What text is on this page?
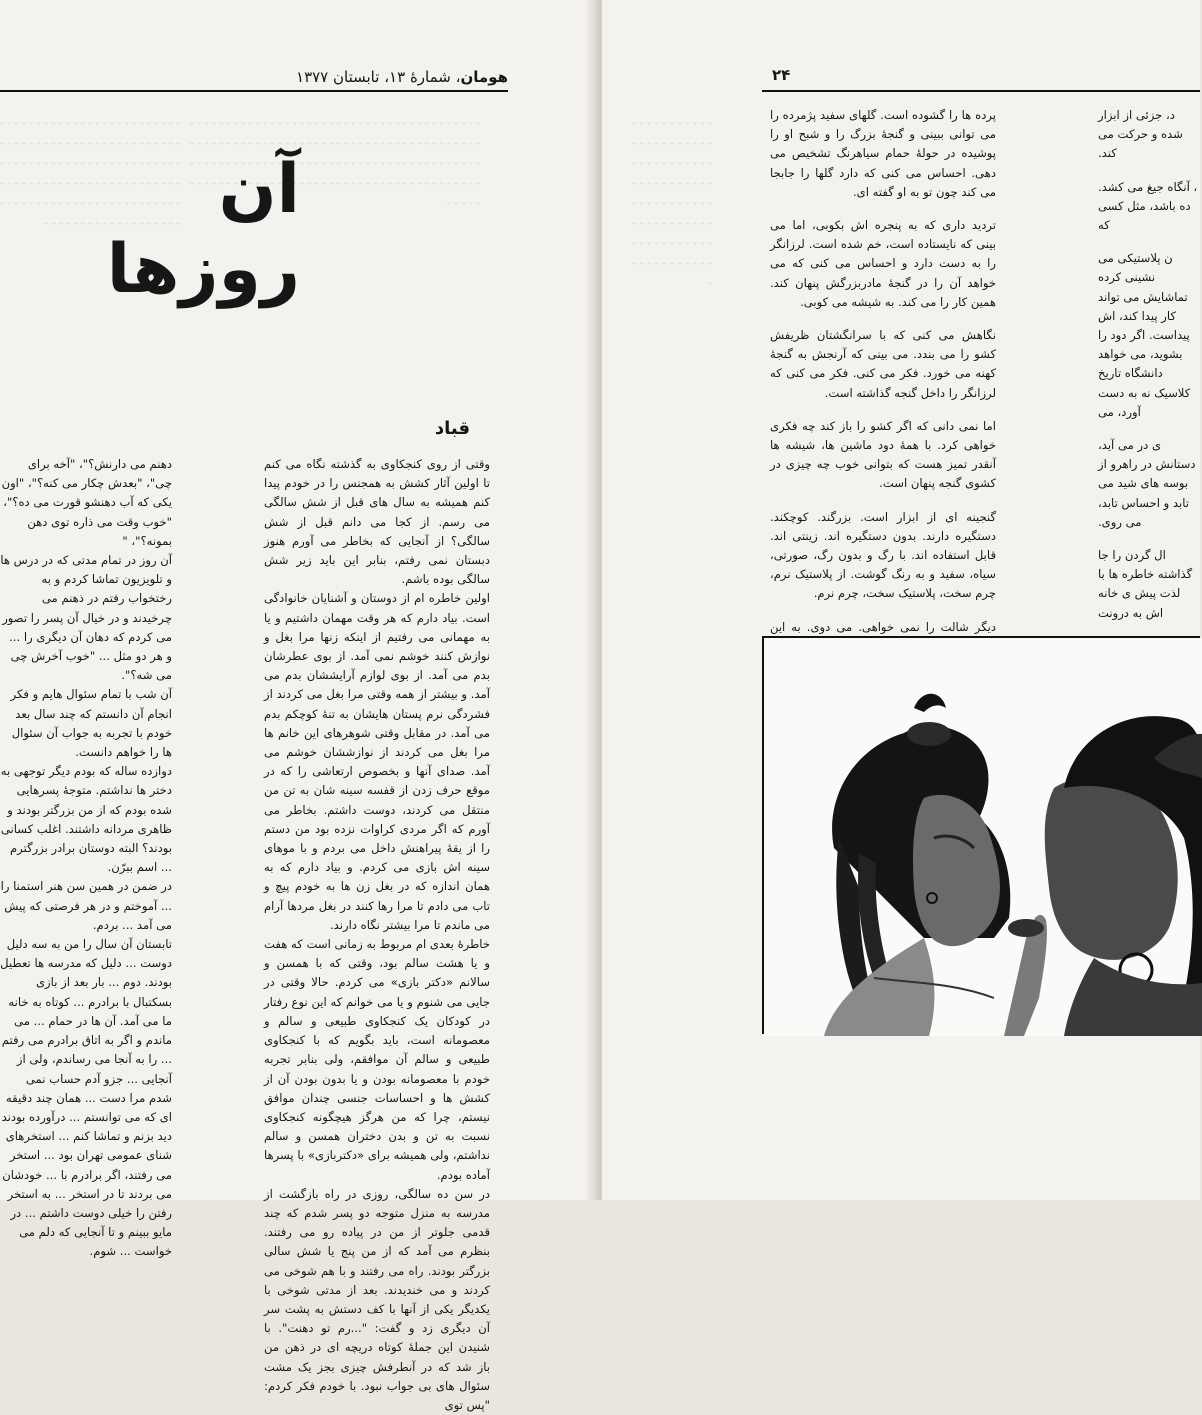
ـ ـ ـ ـ ـ ـ ـ ـ ـ ـ ـ ـ ـ ـ ـ ـ ـ ـ ـ ـ ـ ـ ـ ـ ـ ـ ـ ـ ـ ـ ـ ـ ـ ـ ـ ـ ـ ـ ـ ـ ـ ـ ـ ـ ـ ـ ـ ـ ـ ـ ـ ـ ـ ـ ـ ـ ـ ـ ـ ـ ـ ـ ـ ـ ـ ـ ـ ـ ـ ـ ـ ـ ـ ـ ـ ـ ـ ـ ـ ـ ـ ـ ـ ـ ـ ـ ـ ـ ـ ـ ـ ـ ـ ـ ـ ـ ـ ـ ـ ـ ـ ـ ـ ـ ـ ـ ـ ـ ـ ـ ـ ـ ـ ـ ـ ـ ـ ـ ـ ـ ـ ـ ـ ـ ـ ـ ـ ـ ـ ـ ـ ـ ـ ـ ـ ـ ـ ـ ـ ـ ـ ـ ـ ـ
ـ ـ ـ ـ ـ ـ ـ ـ ـ ـ ـ ـ ـ ـ ـ ـ ـ ـ ـ ـ ـ ـ ـ ـ ـ ـ ـ ـ ـ ـ ـ ـ ـ ـ ـ ـ ـ ـ ـ ـ ـ ـ ـ ـ ـ ـ ـ ـ ـ ـ ـ ـ ـ ـ ـ ـ ـ ـ ـ ـ ـ ـ ـ ـ ـ ـ ـ ـ ـ ـ ـ ـ ـ ـ ـ ـ ـ ـ ـ ـ ـ ـ ـ ـ ـ ـ ـ ـ ـ ـ ـ ـ ـ ـ ـ ـ ـ ـ ـ ـ ـ ـ ـ ـ ـ ـ ـ ـ ـ ـ ـ ـ ـ ـ ـ ـ ـ ـ ـ ـ ـ ـ ـ ـ ـ ـ ـ ـ ـ ـ ـ ـ ـ ـ ـ ـ ـ ـ ـ ـ ـ ـ ـ ـ ـ ـ ـ ـ ـ ـ ـ ـ ـ ـ ـ ـ ـ ـ ـ ـ ـ ـ ـ ـ ـ
هومان، شمارهٔ ۱۳، تابستان ۱۳۷۷
آن روزها
قباد

وقتی از روی کنجکاوی به گذشته نگاه می کنم تا اولین آثار کشش به همجنس را در خودم پیدا کنم همیشه به سال های قبل از شش سالگی می رسم. از کجا می دانم قبل از شش سالگی؟ از آنجایی که بخاطر می آورم هنوز دبستان نمی رفتم، بنابر این باید زیر شش سالگی بوده باشم.

اولین خاطره ام از دوستان و آشنایان خانوادگی است. بیاد دارم که هر وقت مهمان داشتیم و یا به مهمانی می رفتیم از اینکه زنها مرا بغل و نوازش کنند خوشم نمی آمد. از بوی عطرشان بدم می آمد. از بوی لوازم آرایششان بدم می آمد. و بیشتر از همه وقتی مرا بغل می کردند از فشردگی نرم پستان هایشان به تنهٔ کوچکم بدم می آمد. در مقابل وقتی شوهرهای این خانم ها مرا بغل می کردند از نوازششان خوشم می آمد. صدای آنها و بخصوص ارتعاشی را که در موقع حرف زدن از قفسه سینه شان به تن من منتقل می کردند، دوست داشتم. بخاطر می آورم که اگر مردی کراوات نزده بود من دستم را از یقهٔ پیراهنش داخل می بردم و با موهای سینه اش بازی می کردم. و بیاد دارم که به همان اندازه که در بغل زن ها به خودم پیچ و تاب می دادم تا مرا رها کنند در بغل مردها آرام می ماندم تا مرا بیشتر نگاه دارند.

خاطرهٔ بعدی ام مربوط به زمانی است که هفت و یا هشت سالم بود، وقتی که با همسن و سالانم «دکتر بازی» می کردم. حالا وقتی در جایی می شنوم و یا می خوانم که این نوع رفتار در کودکان یک کنجکاوی طبیعی و سالم و معصومانه است، باید بگویم که با کنجکاوی طبیعی و سالم آن موافقم، ولی بنابر تجربه خودم با معصومانه بودن و یا بدون بودن آن از کشش ها و احساسات جنسی چندان موافق نیستم، چرا که من هرگز هیچگونه کنجکاوی نسبت به تن و بدن دختران همسن و سالم نداشتم، ولی همیشه برای «دکتربازی» با پسرها آماده بودم.

در سن ده سالگی، روزی در راه بازگشت از مدرسه به منزل متوجه دو پسر شدم که چند قدمی جلوتر از من در پیاده رو می رفتند. بنظرم می آمد که از من پنج یا شش سالی بزرگتر بودند. راه می رفتند و با هم شوخی می کردند و می خندیدند. بعد از مدتی شوخی با یکدیگر یکی از آنها با کف دستش به پشت سر آن دیگری زد و گفت: "...رم تو دهنت". با شنیدن این جملهٔ کوتاه دریچه ای در ذهن من باز شد که در آنطرفش چیزی بجز یک مشت سئوال های بی جواب نبود. با خودم فکر کردم: "پس توی

دهنم می دارنش؟"، "آخه برای چی"، "بعدش چکار می کنه؟"، "اون یکی که آب دهنشو قورت می ده؟"، "خوب وقت می ذاره توی دهن بمونه؟"، "

آن روز در تمام مدتی که در درس ها و تلویزیون تماشا کردم و به رختخواب رفتم در ذهنم می چرخیدند و در خیال آن پسر را تصور می کردم که دهان آن دیگری را ... و هر دو مثل ... "خوب آخرش چی می شه؟".

آن شب با تمام سئوال هایم و فکر انجام آن دانستم که چند سال بعد خودم با تجربه به جواب آن سئوال ها را خواهم دانست.

دوازده ساله که بودم دیگر توجهی به دختر ها نداشتم. متوجهٔ پسرهایی شده بودم که از من بزرگتر بودند و ظاهری مردانه داشتند. اغلب کسانی بودند؟ البته دوستان برادر بزرگترم ... اسم ببرّن.

در ضمن در همین سن هنر استمنا را ... آموختم و در هر فرصتی که پیش می آمد ... بردم.

تابستان آن سال را من به سه دلیل دوست ... دلیل که مدرسه ها تعطیل بودند. دوم ... بار بعد از بازی بسکتبال با برادرم ... کوتاه به خانه ما می آمد. آن ها در حمام ... می ماندم و اگر به اتاق برادرم می رفتم ... را به آنجا می رساندم، ولی از آنجایی ... جزو آدم حساب نمی شدم مرا دست ... همان چند دقیقه ای که می توانستم ... درآورده بودند دید بزنم و تماشا کنم ... استخرهای شنای عمومی تهران بود ... استخر می رفتند، اگر برادرم با ... خودشان می بردند تا در استخر ... به استخر رفتن را خیلی دوست داشتم ... در مایو ببینم و تا آنجایی که دلم می خواست ... شوم.

ـ ـ ـ ـ ـ ـ ـ ـ ـ ـ ـ ـ ـ ـ ـ ـ ـ ـ ـ ـ ـ ـ ـ ـ ـ ـ ـ ـ ـ ـ ـ ـ ـ ـ ـ ـ ـ ـ ـ ـ ـ ـ ـ ـ ـ ـ ـ ـ ـ ـ ـ ـ ـ ـ ـ ـ ـ ـ ـ ـ ـ ـ ـ ـ ـ ـ ـ ـ ـ ـ ـ ـ ـ ـ ـ ـ ـ ـ ـ ـ ـ ـ ـ ـ ـ ـ ـ ـ ـ
۲۴

پرده ها را گشوده است. گلهای سفید پژمرده را می توانی ببینی و گنجهٔ بزرگ را و شبح او را پوشیده در حولهٔ حمام سیاهرنگ تشخیص می دهی. احساس می کنی که دارد گلها را جابجا می کند چون تو به او گفته ای.

تردید داری که به پنجره اش بکوبی، اما می بینی که نایستاده است، خم شده است. لرزانگر را به دست دارد و احساس می کنی که می خواهد آن را در گنجهٔ مادربزرگش پنهان کند. همین کار را می کند. به شیشه می کوبی.

نگاهش می کنی که با سرانگشتان ظریفش کشو را می بندد. می بینی که آرنجش به گنجهٔ کهنه می خورد. فکر می کنی. فکر می کنی که لرزانگر را داخل گنجه گذاشته است.

اما نمی دانی که اگر کشو را باز کند چه فکری خواهی کرد. با همهٔ دود ماشین ها، شیشه ها آنقدر تمیز هست که بتوانی خوب چه چیزی در کشوی گنجه پنهان است.

گنجینه ای از ابزار است. بزرگند. کوچکند. دستگیره دارند. بدون دستگیره اند. زینتی اند. قابل استفاده اند. با رگ و بدون رگ، صورتی، سیاه، سفید و به رنگ گوشت. از پلاستیک نرم، چرم سخت، پلاستیک سخت، چرم نرم.

دیگر شالت را نمی خواهی. می دوی. به این

د، جزئی از ابزار شده و حرکت می کند.

، آنگاه جیغ می کشد. ده باشد، مثل کسی که

ن پلاستیکی می نشینی کرده تماشایش می تواند کار پیدا کند، اش پیداست. اگر دود را بشوید، می خواهد دانشگاه تاریخ کلاسیک نه به دست آورد، می

ی در می آید، دستانش در راهرو از بوسه های شید می تابد و احساس تابد، می روی.

ال گردن را جا گذاشته خاطره ها با لذت پیش ی خانه اش به درونت
